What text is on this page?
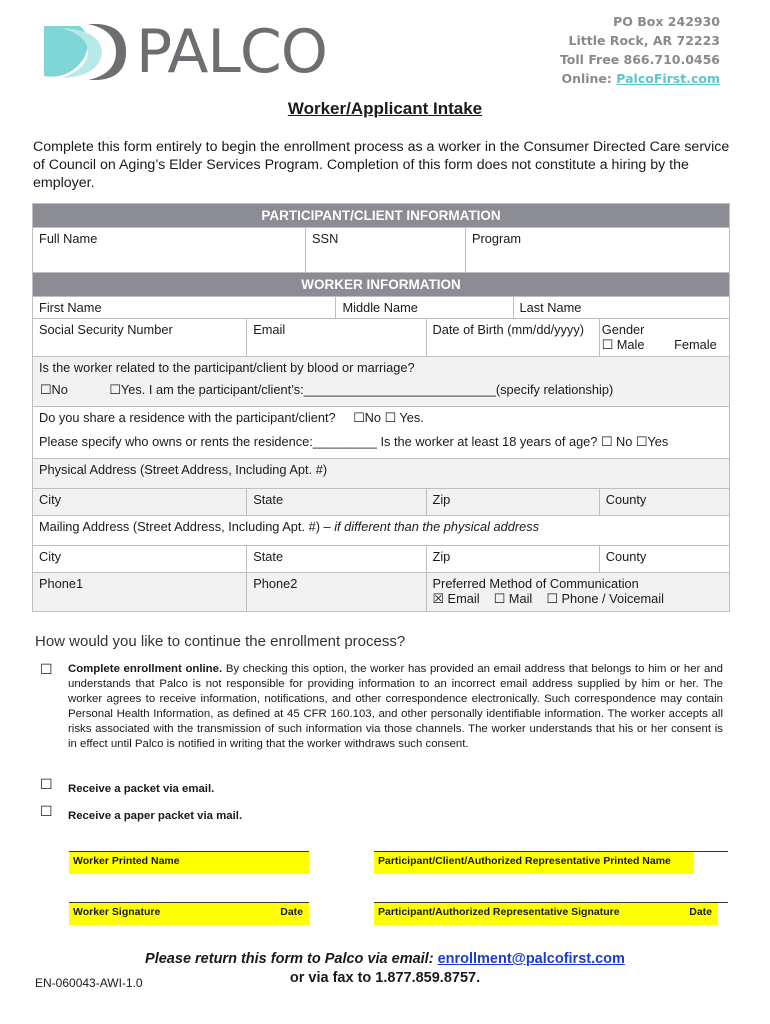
PALCO	PO Box 242930
Little Rock, AR 72223
Toll Free 866.710.0456
Online: PalcoFirst.com
Worker/Applicant Intake
Complete this form entirely to begin the enrollment process as a worker in the Consumer Directed Care service of Council on Aging’s Elder Services Program. Completion of this form does not constitute a hiring by the employer.
PARTICIPANT/CLIENT INFORMATION
Full Name	SSN	Program
WORKER INFORMATION					
First Name		Middle Name		Last Name	
Social Security Number	Email		Date of Birth (mm/dd/yyyy)		Gender
☐ Male Female

Is the worker related to the participant/client by blood or marriage?					
☐No ☐Yes. I am the participant/client’s:___________________________(specify relationship)					
Do you share a residence with the participant/client? ☐No ☐ Yes.					
Please specify who owns or rents the residence:_________ Is the worker at least 18 years of age? ☐ No ☐Yes					
Physical Address (Street Address, Including Apt. #)					
City	State		Zip		County
Mailing Address (Street Address, Including Apt. #) – if different than the physical address					
City	State		Zip		County
Phone1	Phone2		Preferred Method of Communication
☒ Email    ☐ Mail    ☐ Phone / Voicemail		
How would you like to continue the enrollment process?
☐ Complete enrollment online. By checking this option, the worker has provided an email address that belongs to him or her and understands that Palco is not responsible for providing information to an incorrect email address supplied by him or her. The worker agrees to receive information, notifications, and other correspondence electronically. Such correspondence may contain Personal Health Information, as defined at 45 CFR 160.103, and other personally identifiable information. The worker accepts all risks associated with the transmission of such information via those channels. The worker understands that his or her consent is in effect until Palco is notified in writing that the worker withdraws such consent.
☐ Receive a packet via email.
☐ Receive a paper packet via mail.
Worker Printed Name	Participant/Client/Authorized Representative Printed Name
Worker Signature	Date	Participant/Authorized Representative Signature	Date
Please return this form to Palco via email: enrollment@palcofirst.com
or via fax to 1.877.859.8757.
EN-060043-AWI-1.0
